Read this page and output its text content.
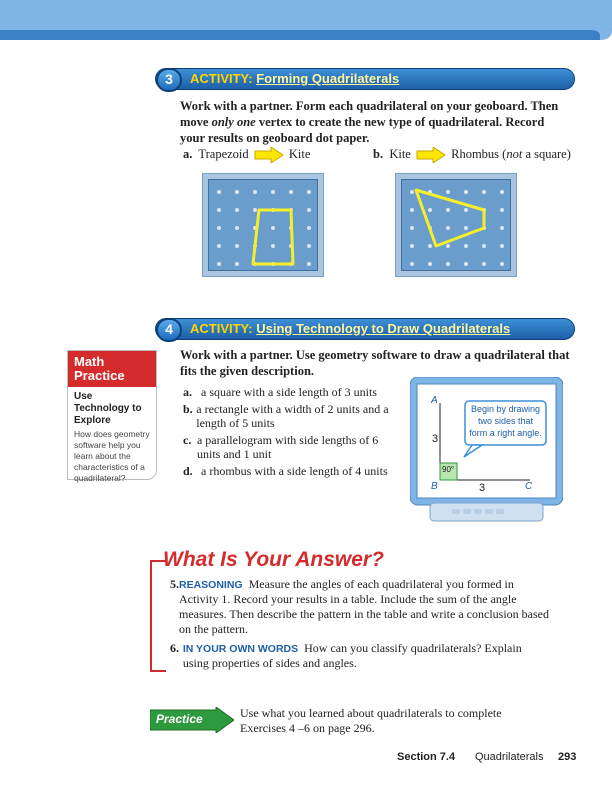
3	ACTIVITY: Forming Quadrilaterals
Work with a partner. Form each quadrilateral on your geoboard. Then move only one vertex to create the new type of quadrilateral. Record your results on geoboard dot paper.
a. Trapezoid	Kite	b. Kite	Rhombus (not a square)
4	ACTIVITY: Using Technology to Draw Quadrilaterals
Work with a partner. Use geometry software to draw a quadrilateral that fits the given description.
Math Practice
Use Technology to Explore
How does geometry software help you learn about the characteristics of a quadrilateral?
a. a square with a side length of 3 units
b. a rectangle with a width of 2 units and a length of 5 units
c. a parallelogram with side lengths of 6 units and 1 unit
d. a rhombus with a side length of 4 units
Begin by drawing two sides that form a right angle.
A
B	C
3
3
90°
What Is Your Answer?
5. REASONING Measure the angles of each quadrilateral you formed in Activity 1. Record your results in a table. Include the sum of the angle measures. Then describe the pattern in the table and write a conclusion based on the pattern.
6. IN YOUR OWN WORDS How can you classify quadrilaterals? Explain using properties of sides and angles.
Practice	Use what you learned about quadrilaterals to complete Exercises 4 –6 on page 296.
Section 7.4 Quadrilaterals 293
